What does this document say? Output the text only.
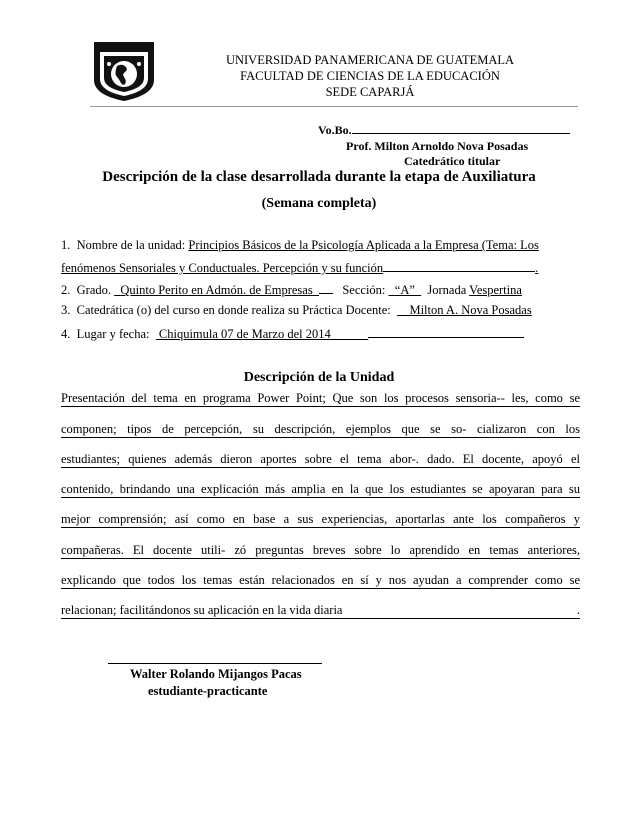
UNIVERSIDAD PANAMERICANA DE GUATEMALA
FACULTAD DE CIENCIAS DE LA EDUCACIÓN
SEDE CAPARJÁ
Vo.Bo.
Prof. Milton Arnoldo Nova Posadas
Catedrático titular
Descripción de la clase desarrollada durante la etapa de Auxiliatura
(Semana completa)
1. Nombre de la unidad: Principios Básicos de la Psicología Aplicada a la Empresa (Tema: Los
fenómenos Sensoriales y Conductuales. Percepción y su función	.
2. Grado. Quinto Perito en Admón. de Empresas Sección: “A” Jornada Vespertina
3. Catedrática (o) del curso en donde realiza su Práctica Docente: Milton A. Nova Posadas
4. Lugar y fecha: Chiquimula 07 de Marzo del 2014
Descripción de la Unidad
Presentación del tema en programa Power Point; Que son los procesos sensoria-- les, como se
componen; tipos de percepción, su descripción, ejemplos que se so- cializaron con los
estudiantes; quienes además dieron aportes sobre el tema abor-. dado. El docente, apoyó el
contenido, brindando una explicación más amplia en la que los estudiantes se apoyaran para su
mejor comprensión; así como en base a sus experiencias, aportarlas ante los compañeros y
compañeras. El docente utili- zó preguntas breves sobre lo aprendido en temas anteriores,
explicando que todos los temas están relacionados en sí y nos ayudan a comprender como se
relacionan; facilitándonos su aplicación en la vida diaria	.
Walter Rolando Mijangos Pacas
estudiante-practicante
